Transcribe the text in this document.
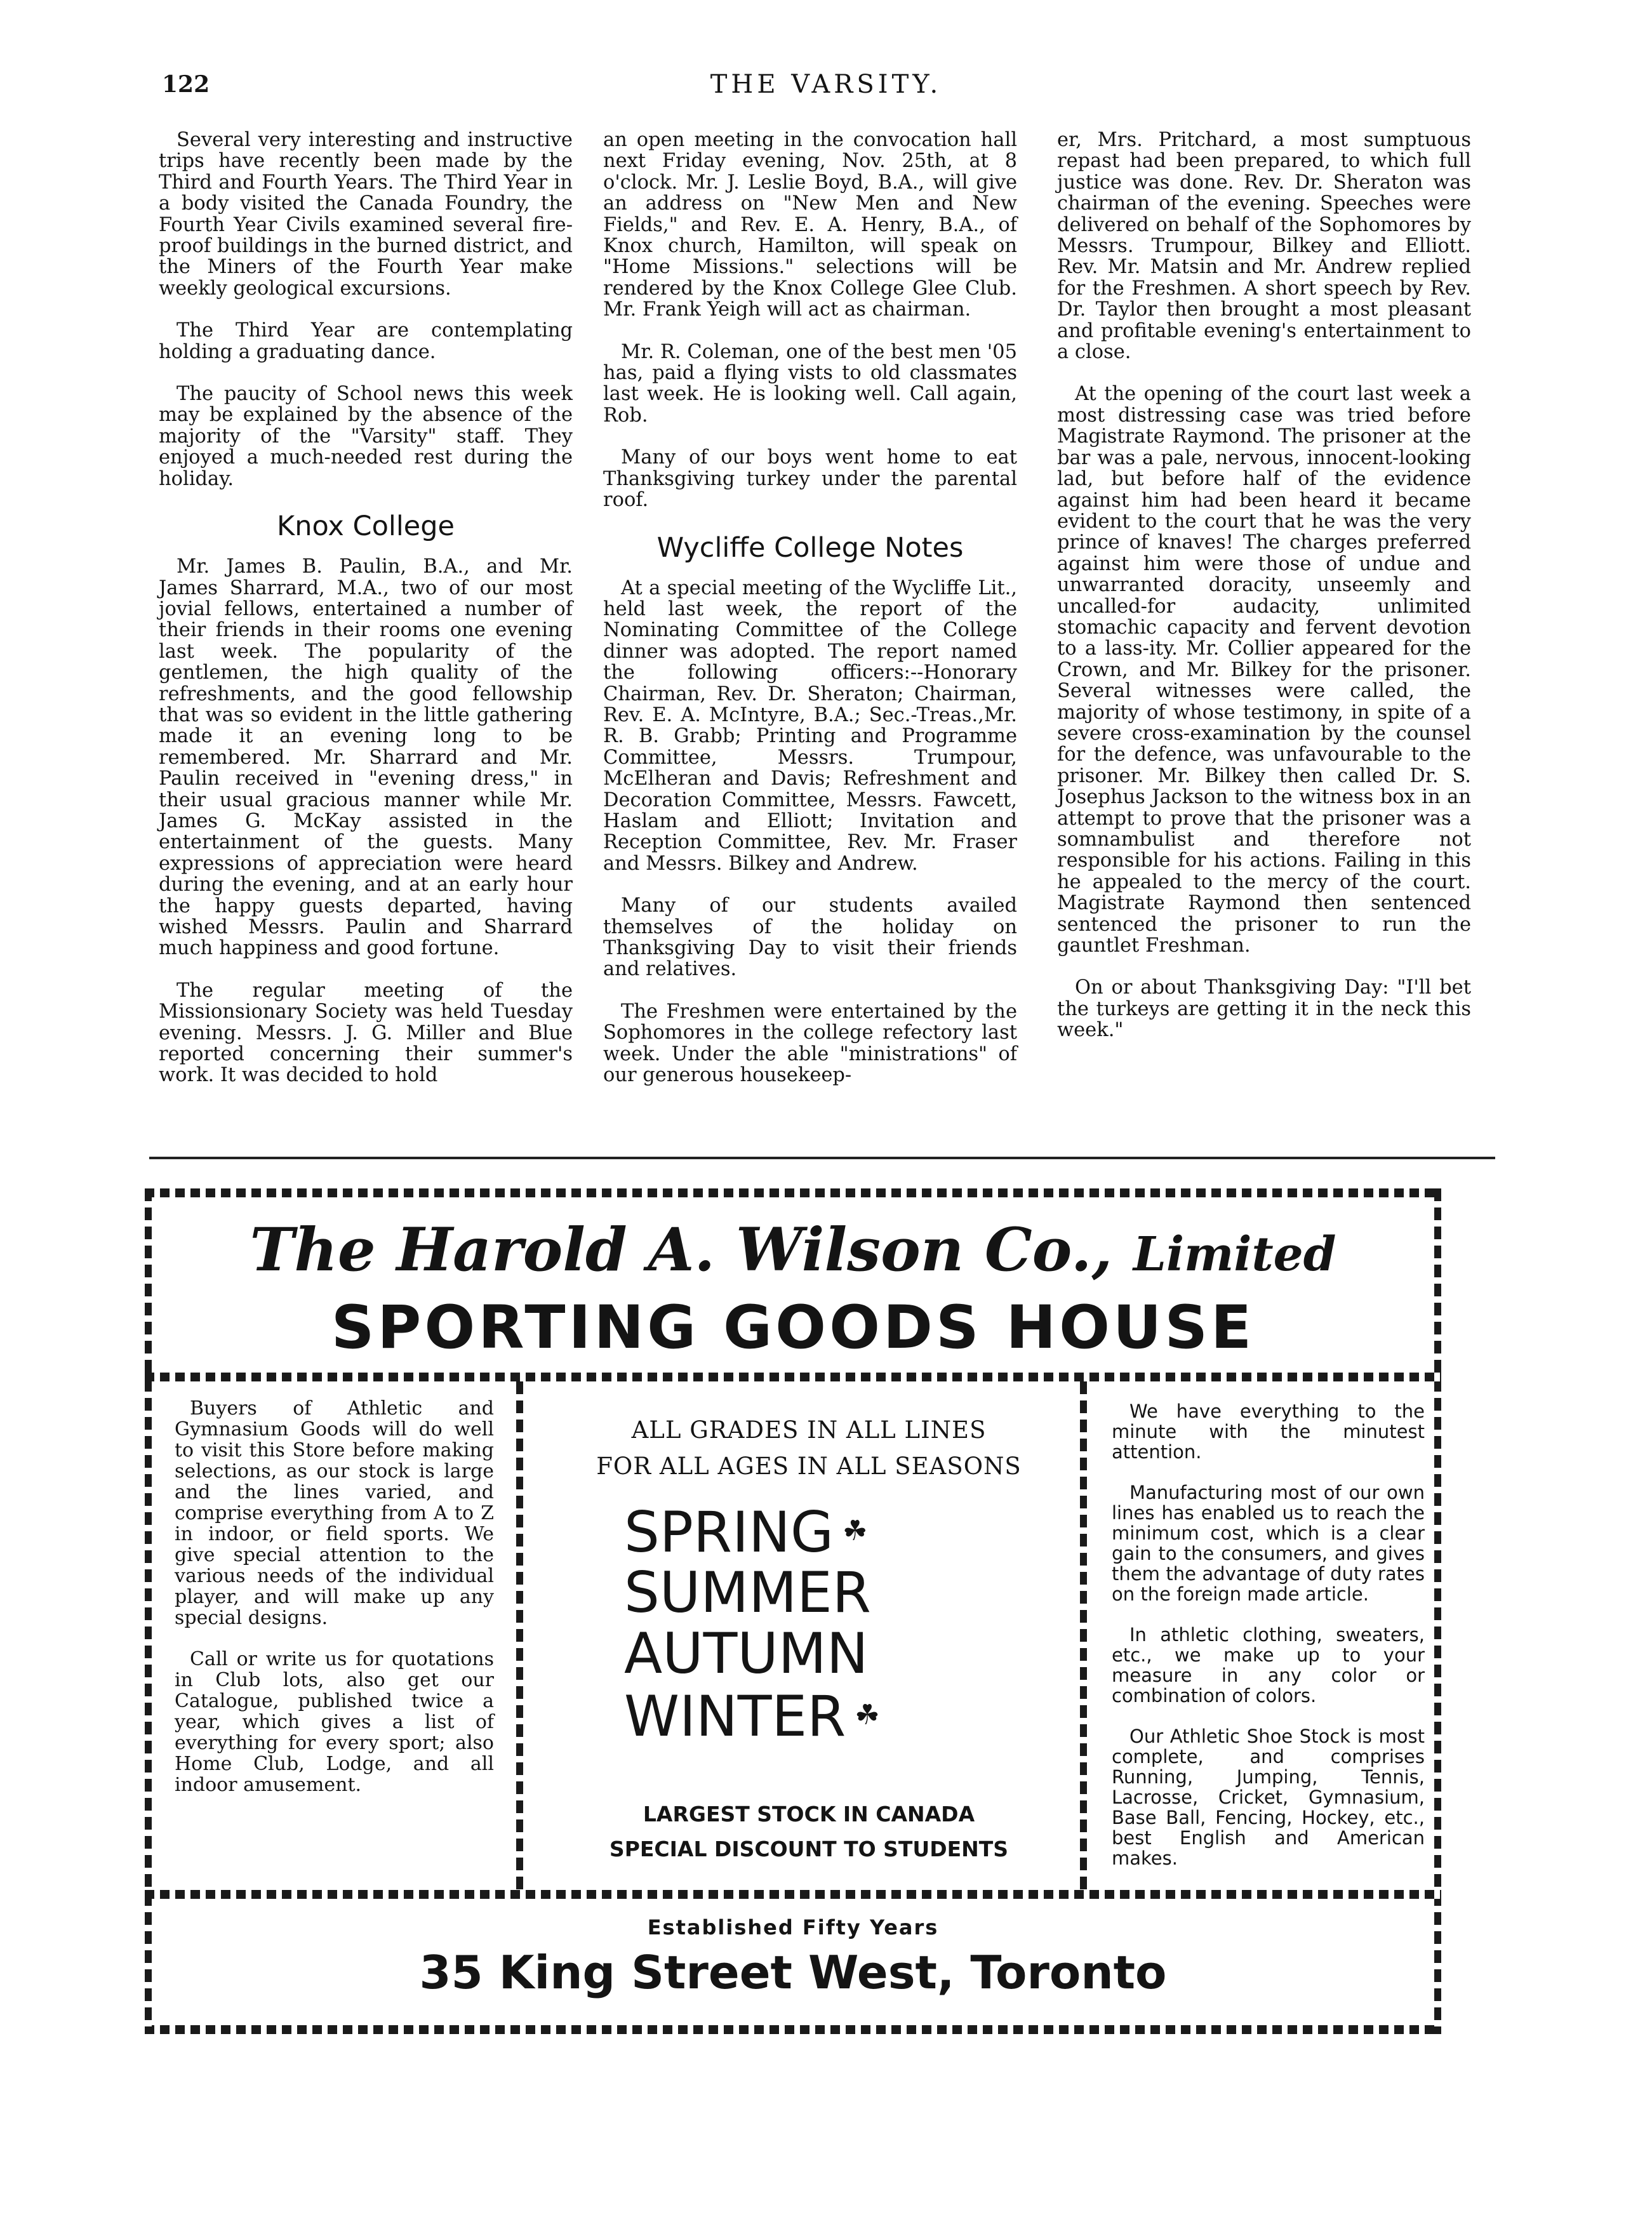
122	THE VARSITY.

Several very interesting and instructive trips have recently been made by the Third and Fourth Years. The Third Year in a body visited the Canada Foundry, the Fourth Year Civils examined several fire-proof buildings in the burned district, and the Miners of the Fourth Year make weekly geological excursions.

The Third Year are contemplating holding a graduating dance.

The paucity of School news this week may be explained by the absence of the majority of the "Varsity" staff. They enjoyed a much-needed rest during the holiday.

Knox College

Mr. James B. Paulin, B.A., and Mr. James Sharrard, M.A., two of our most jovial fellows, entertained a number of their friends in their rooms one evening last week. The popularity of the gentlemen, the high quality of the refreshments, and the good fellowship that was so evident in the little gathering made it an evening long to be remembered. Mr. Sharrard and Mr. Paulin received in "evening dress," in their usual gracious manner while Mr. James G. McKay assisted in the entertainment of the guests. Many expressions of appreciation were heard during the evening, and at an early hour the happy guests departed, having wished Messrs. Paulin and Sharrard much happiness and good fortune.

The regular meeting of the Missionsionary Society was held Tuesday evening. Messrs. J. G. Miller and Blue reported concerning their summer's work. It was decided to hold

an open meeting in the convocation hall next Friday evening, Nov. 25th, at 8 o'clock. Mr. J. Leslie Boyd, B.A., will give an address on "New Men and New Fields," and Rev. E. A. Henry, B.A., of Knox church, Hamilton, will speak on "Home Missions." selections will be rendered by the Knox College Glee Club. Mr. Frank Yeigh will act as chairman.

Mr. R. Coleman, one of the best men '05 has, paid a flying vists to old classmates last week. He is looking well. Call again, Rob.

Many of our boys went home to eat Thanksgiving turkey under the parental roof.

Wycliffe College Notes

At a special meeting of the Wycliffe Lit., held last week, the report of the Nominating Committee of the College dinner was adopted. The report named the following officers:--Honorary Chairman, Rev. Dr. Sheraton; Chairman, Rev. E. A. McIntyre, B.A.; Sec.-Treas.,Mr. R. B. Grabb; Printing and Programme Committee, Messrs. Trumpour, McElheran and Davis; Refreshment and Decoration Committee, Messrs. Fawcett, Haslam and Elliott; Invitation and Reception Committee, Rev. Mr. Fraser and Messrs. Bilkey and Andrew.

Many of our students availed themselves of the holiday on Thanksgiving Day to visit their friends and relatives.

The Freshmen were entertained by the Sophomores in the college refectory last week. Under the able "ministrations" of our generous housekeep-

er, Mrs. Pritchard, a most sumptuous repast had been prepared, to which full justice was done. Rev. Dr. Sheraton was chairman of the evening. Speeches were delivered on behalf of the Sophomores by Messrs. Trumpour, Bilkey and Elliott. Rev. Mr. Matsin and Mr. Andrew replied for the Freshmen. A short speech by Rev. Dr. Taylor then brought a most pleasant and profitable evening's entertainment to a close.

At the opening of the court last week a most distressing case was tried before Magistrate Raymond. The prisoner at the bar was a pale, nervous, innocent-looking lad, but before half of the evidence against him had been heard it became evident to the court that he was the very prince of knaves! The charges preferred against him were those of undue and unwarranted doracity, unseemly and uncalled-for audacity, unlimited stomachic capacity and fervent devotion to a lass-ity. Mr. Collier appeared for the Crown, and Mr. Bilkey for the prisoner. Several witnesses were called, the majority of whose testimony, in spite of a severe cross-examination by the counsel for the defence, was unfavourable to the prisoner. Mr. Bilkey then called Dr. S. Josephus Jackson to the witness box in an attempt to prove that the prisoner was a somnambulist and therefore not responsible for his actions. Failing in this he appealed to the mercy of the court. Magistrate Raymond then sentenced sentenced the prisoner to run the gauntlet Freshman.

On or about Thanksgiving Day: "I'll bet the turkeys are getting it in the neck this week."

The Harold A. Wilson Co., Limited
SPORTING GOODS HOUSE

Buyers of Athletic and Gymnasium Goods will do well to visit this Store before making selections, as our stock is large and the lines varied, and comprise everything from A to Z in indoor, or field sports. We give special attention to the various needs of the individual player, and will make up any special designs.

Call or write us for quotations in Club lots, also get our Catalogue, published twice a year, which gives a list of everything for every sport; also Home Club, Lodge, and all indoor amusement.

ALL GRADES IN ALL LINES
FOR ALL AGES IN ALL SEASONS
SPRING ☘
SUMMER
AUTUMN
WINTER ☘
LARGEST STOCK IN CANADA
SPECIAL DISCOUNT TO STUDENTS

We have everything to the minute with the minutest attention.

Manufacturing most of our own lines has enabled us to reach the minimum cost, which is a clear gain to the consumers, and gives them the advantage of duty rates on the foreign made article.

In athletic clothing, sweaters, etc., we make up to your measure in any color or combination of colors.

Our Athletic Shoe Stock is most complete, and comprises Running, Jumping, Tennis, Lacrosse, Cricket, Gymnasium, Base Ball, Fencing, Hockey, etc., best English and American makes.

Established Fifty Years
35 King Street West, Toronto
